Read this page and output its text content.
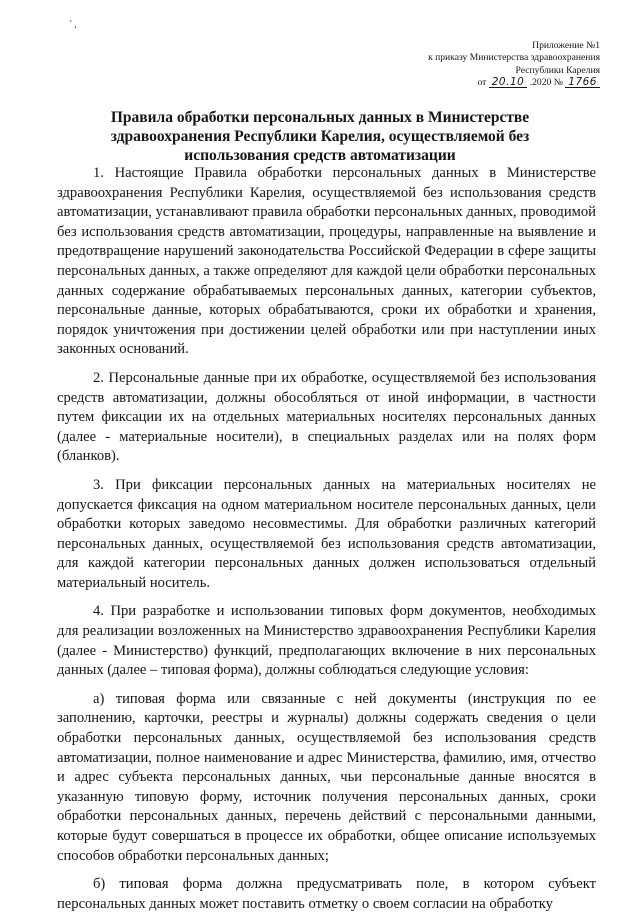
' ,
Приложение №1
к приказу Министерства здравоохранения
Республики Карелия
от 20.10 .2020 № 1766
Правила обработки персональных данных в Министерстве здравоохранения Республики Карелия, осуществляемой без использования средств автоматизации

1. Настоящие Правила обработки персональных данных в Министерстве здравоохранения Республики Карелия, осуществляемой без использования средств автоматизации, устанавливают правила обработки персональных данных, проводимой без использования средств автоматизации, процедуры, направленные на выявление и предотвращение нарушений законодательства Российской Федерации в сфере защиты персональных данных, а также определяют для каждой цели обработки персональных данных содержание обрабатываемых персональных данных, категории субъектов, персональные данные, которых обрабатываются, сроки их обработки и хранения, порядок уничтожения при достижении целей обработки или при наступлении иных законных оснований.

2. Персональные данные при их обработке, осуществляемой без использования средств автоматизации, должны обособляться от иной информации, в частности путем фиксации их на отдельных материальных носителях персональных данных (далее - материальные носители), в специальных разделах или на полях форм (бланков).

3. При фиксации персональных данных на материальных носителях не допускается фиксация на одном материальном носителе персональных данных, цели обработки которых заведомо несовместимы. Для обработки различных категорий персональных данных, осуществляемой без использования средств автоматизации, для каждой категории персональных данных должен использоваться отдельный материальный носитель.

4. При разработке и использовании типовых форм документов, необходимых для реализации возложенных на Министерство здравоохранения Республики Карелия (далее - Министерство) функций, предполагающих включение в них персональных данных (далее – типовая форма), должны соблюдаться следующие условия:

а) типовая форма или связанные с ней документы (инструкция по ее заполнению, карточки, реестры и журналы) должны содержать сведения о цели обработки персональных данных, осуществляемой без использования средств автоматизации, полное наименование и адрес Министерства, фамилию, имя, отчество и адрес субъекта персональных данных, чьи персональные данные вносятся в указанную типовую форму, источник получения персональных данных, сроки обработки персональных данных, перечень действий с персональными данными, которые будут совершаться в процессе их обработки, общее описание используемых способов обработки персональных данных;

б) типовая форма должна предусматривать поле, в котором субъект персональных данных может поставить отметку о своем согласии на обработку
